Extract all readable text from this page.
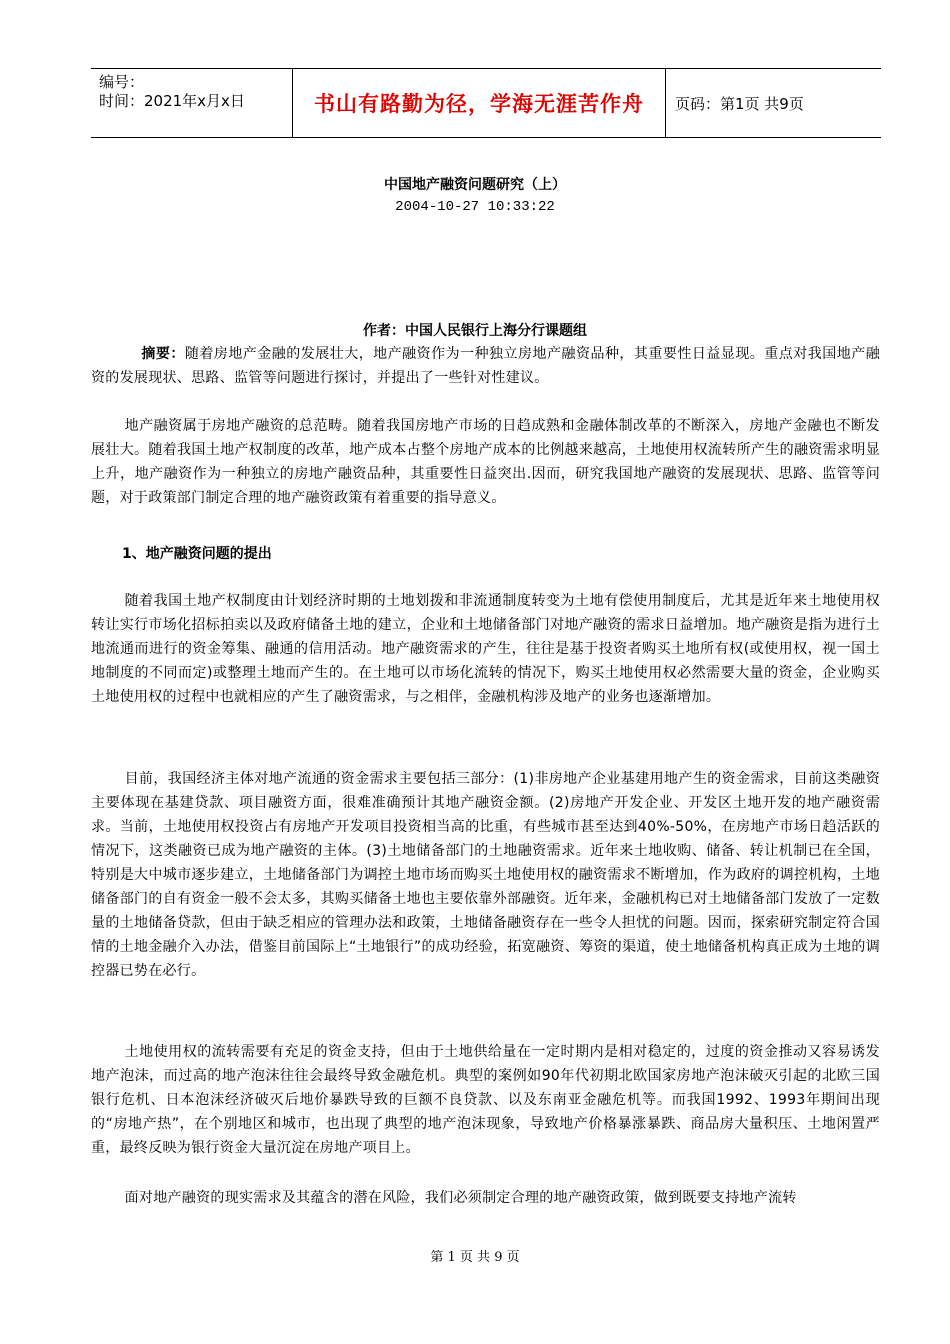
编号：
时间：2021年x月x日	书山有路勤为径，学海无涯苦作舟 页码：第1页 共9页
中国地产融资问题研究（上）
2004-10-27 10:33:22
作者：中国人民银行上海分行课题组
摘要：随着房地产金融的发展壮大，地产融资作为一种独立房地产融资品种，其重要性日益显现。重点对我国地产融资的发展现状、思路、监管等问题进行探讨，并提出了一些针对性建议。
地产融资属于房地产融资的总范畴。随着我国房地产市场的日趋成熟和金融体制改革的不断深入，房地产金融也不断发展壮大。随着我国土地产权制度的改革，地产成本占整个房地产成本的比例越来越高，土地使用权流转所产生的融资需求明显上升，地产融资作为一种独立的房地产融资品种，其重要性日益突出.因而，研究我国地产融资的发展现状、思路、监管等问题，对于政策部门制定合理的地产融资政策有着重要的指导意义。
1、地产融资问题的提出
随着我国土地产权制度由计划经济时期的土地划拨和非流通制度转变为土地有偿使用制度后，尤其是近年来土地使用权转让实行市场化招标拍卖以及政府储备土地的建立，企业和土地储备部门对地产融资的需求日益增加。地产融资是指为进行土地流通而进行的资金筹集、融通的信用活动。地产融资需求的产生，往往是基于投资者购买土地所有权(或使用权，视一国土地制度的不同而定)或整理土地而产生的。在土地可以市场化流转的情况下，购买土地使用权必然需要大量的资金，企业购买土地使用权的过程中也就相应的产生了融资需求，与之相伴，金融机构涉及地产的业务也逐渐增加。
目前，我国经济主体对地产流通的资金需求主要包括三部分：(1)非房地产企业基建用地产生的资金需求，目前这类融资主要体现在基建贷款、项目融资方面，很难准确预计其地产融资金额。(2)房地产开发企业、开发区土地开发的地产融资需求。当前，土地使用权投资占有房地产开发项目投资相当高的比重，有些城市甚至达到40%-50%，在房地产市场日趋活跃的情况下，这类融资已成为地产融资的主体。(3)土地储备部门的土地融资需求。近年来土地收购、储备、转让机制已在全国，特别是大中城市逐步建立，土地储备部门为调控土地市场而购买土地使用权的融资需求不断增加，作为政府的调控机构，土地储备部门的自有资金一般不会太多，其购买储备土地也主要依靠外部融资。近年来，金融机构已对土地储备部门发放了一定数量的土地储备贷款，但由于缺乏相应的管理办法和政策，土地储备融资存在一些令人担忧的问题。因而，探索研究制定符合国情的土地金融介入办法，借鉴目前国际上“土地银行”的成功经验，拓宽融资、筹资的渠道，使土地储备机构真正成为土地的调控器已势在必行。
土地使用权的流转需要有充足的资金支持，但由于土地供给量在一定时期内是相对稳定的，过度的资金推动又容易诱发地产泡沫，而过高的地产泡沫往往会最终导致金融危机。典型的案例如90年代初期北欧国家房地产泡沫破灭引起的北欧三国银行危机、日本泡沫经济破灭后地价暴跌导致的巨额不良贷款、以及东南亚金融危机等。而我国1992、1993年期间出现的“房地产热”，在个别地区和城市，也出现了典型的地产泡沫现象，导致地产价格暴涨暴跌、商品房大量积压、土地闲置严重，最终反映为银行资金大量沉淀在房地产项目上。
面对地产融资的现实需求及其蕴含的潜在风险，我们必须制定合理的地产融资政策，做到既要支持地产流转
第 1 页 共 9 页
